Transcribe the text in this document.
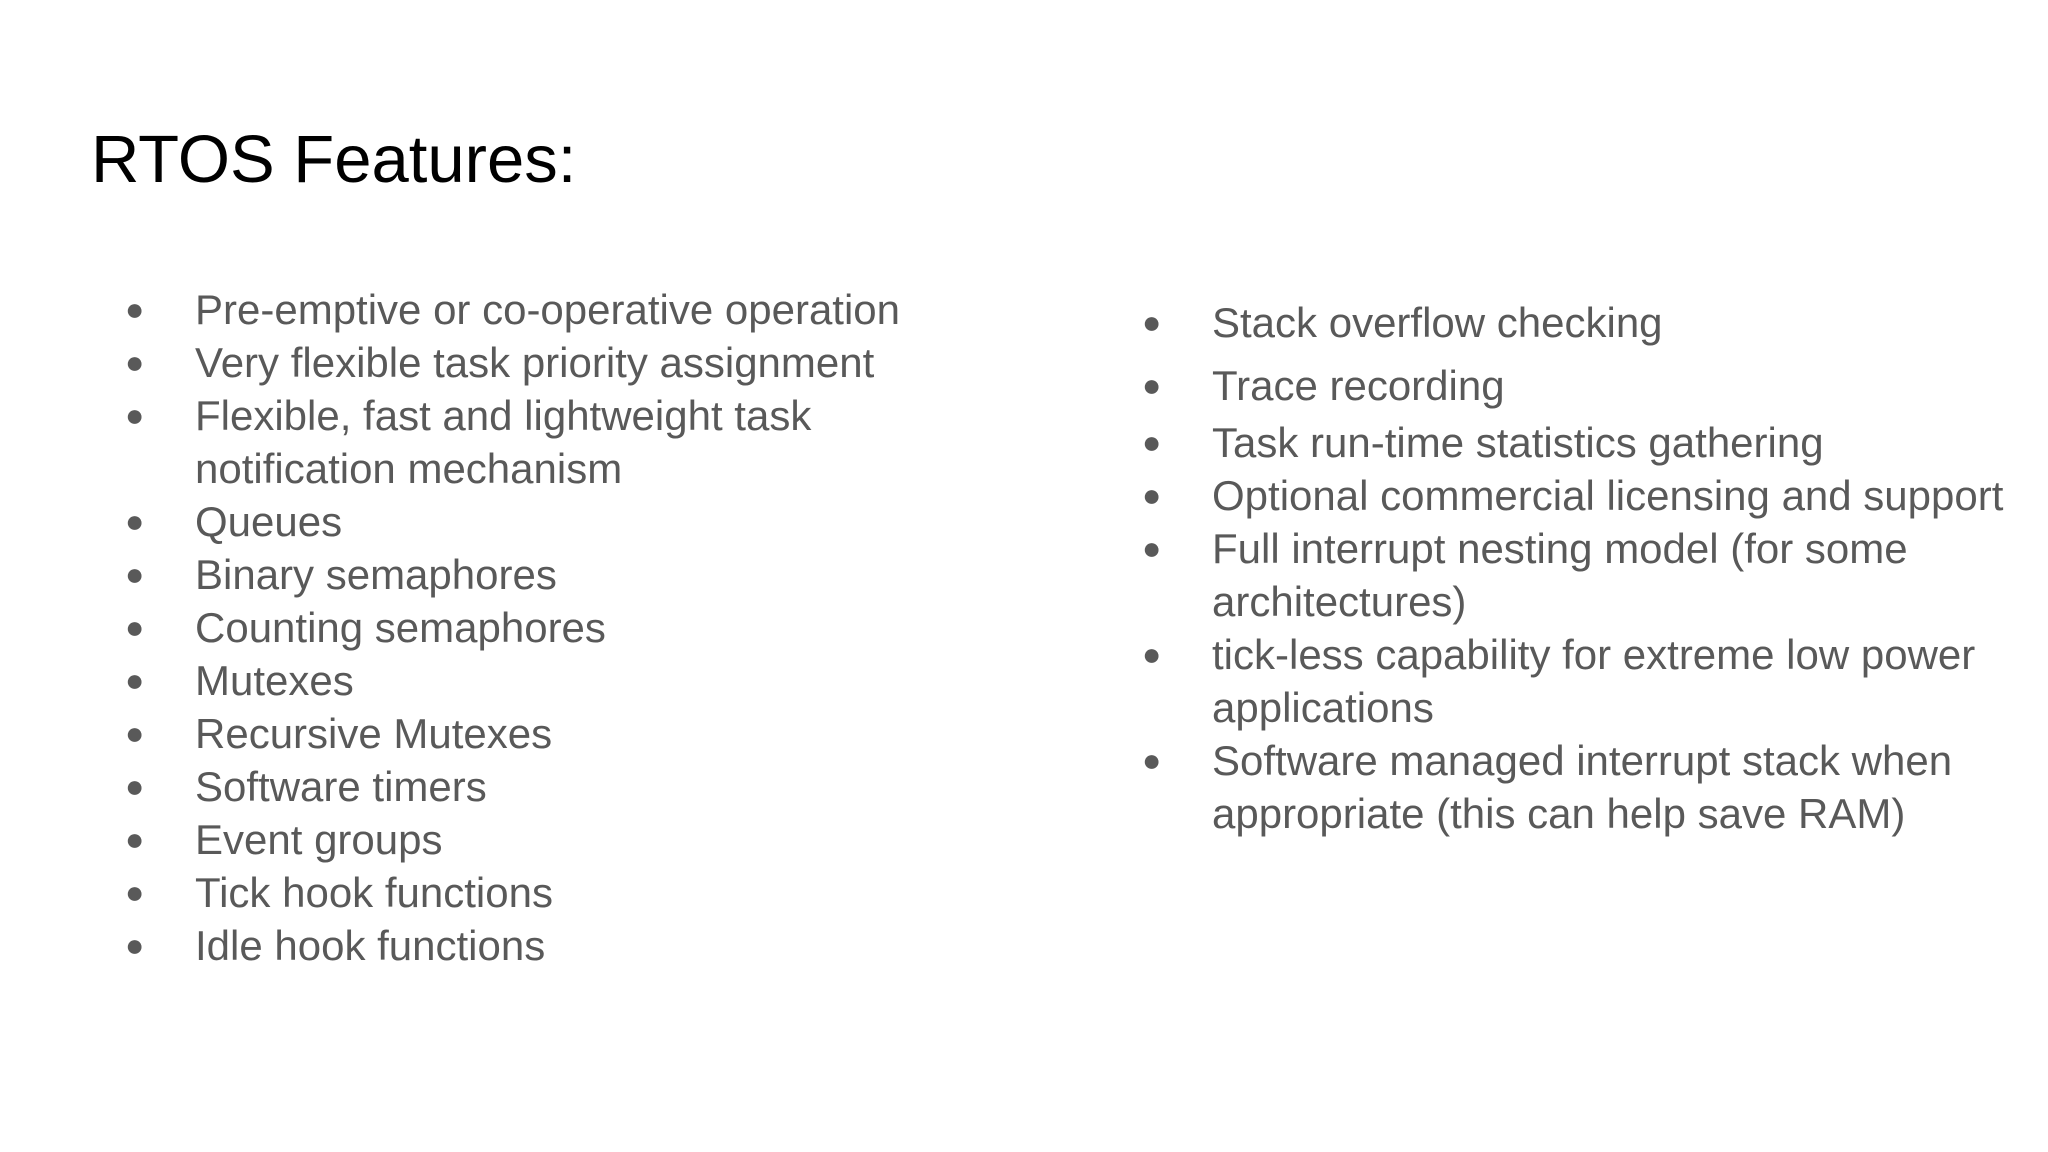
RTOS Features:
● Pre-emptive or co-operative operation
● Very flexible task priority assignment
● Flexible, fast and lightweight task notification mechanism
● Queues
● Binary semaphores
● Counting semaphores
● Mutexes
● Recursive Mutexes
● Software timers
● Event groups
● Tick hook functions
● Idle hook functions
● Stack overflow checking
● Trace recording
● Task run-time statistics gathering
● Optional commercial licensing and support
● Full interrupt nesting model (for some architectures)
● tick-less capability for extreme low power applications
● Software managed interrupt stack when appropriate (this can help save RAM)
